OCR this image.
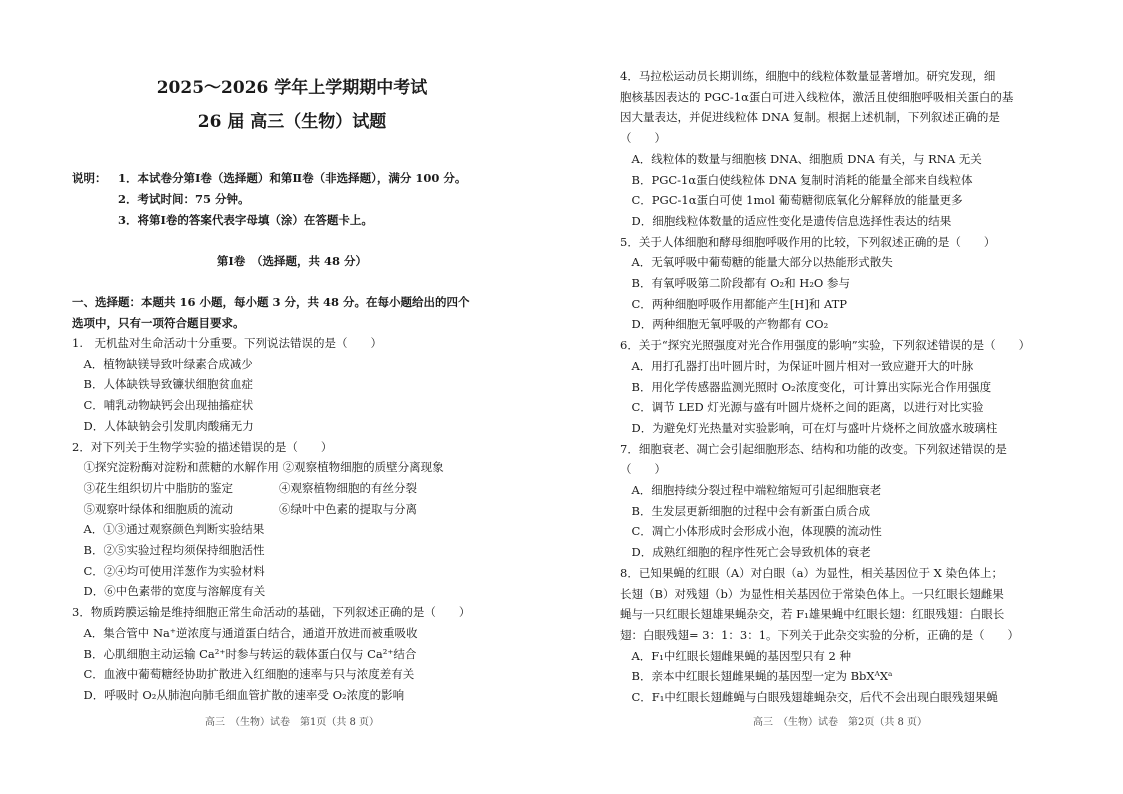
2025～2026 学年上学期期中考试
26 届 高三（生物）试题
说明： 1．本试卷分第Ⅰ卷（选择题）和第Ⅱ卷（非选择题），满分 100 分。
2．考试时间：75 分钟。
3．将第Ⅰ卷的答案代表字母填（涂）在答题卡上。
第Ⅰ卷　（选择题，共 48 分）
一、选择题：本题共 16 小题，每小题 3 分，共 48 分。在每小题给出的四个
选项中，只有一项符合题目要求。
1.　无机盐对生命活动十分重要。下列说法错误的是（　　）
　A．植物缺镁导致叶绿素合成减少
　B．人体缺铁导致镰状细胞贫血症
　C．哺乳动物缺钙会出现抽搐症状
　D．人体缺钠会引发肌肉酸痛无力
2．对下列关于生物学实验的描述错误的是（　　）
　①探究淀粉酶对淀粉和蔗糖的水解作用 ②观察植物细胞的质壁分离现象
　③花生组织切片中脂肪的鉴定　　　　④观察植物细胞的有丝分裂
　⑤观察叶绿体和细胞质的流动　　　　⑥绿叶中色素的提取与分离
　A．①③通过观察颜色判断实验结果
　B．②⑤实验过程均须保持细胞活性
　C．②④均可使用洋葱作为实验材料
　D．⑥中色素带的宽度与溶解度有关
3．物质跨膜运输是维持细胞正常生命活动的基础，下列叙述正确的是（　　）
　A．集合管中 Na⁺逆浓度与通道蛋白结合，通道开放进而被重吸收
　B．心肌细胞主动运输 Ca²⁺时参与转运的载体蛋白仅与 Ca²⁺结合
　C．血液中葡萄糖经协助扩散进入红细胞的速率与只与浓度差有关
　D．呼吸时 O₂从肺泡向肺毛细血管扩散的速率受 O₂浓度的影响
高三　（生物）试卷　第1页（共 8 页）
4．马拉松运动员长期训练，细胞中的线粒体数量显著增加。研究发现，细
胞核基因表达的 PGC-1α蛋白可进入线粒体，激活且使细胞呼吸相关蛋白的基
因大量表达，并促进线粒体 DNA 复制。根据上述机制，下列叙述正确的是
（　　）
　A．线粒体的数量与细胞核 DNA、细胞质 DNA 有关，与 RNA 无关
　B．PGC-1α蛋白使线粒体 DNA 复制时消耗的能量全部来自线粒体
　C．PGC-1α蛋白可使 1mol 葡萄糖彻底氧化分解释放的能量更多
　D．细胞线粒体数量的适应性变化是遗传信息选择性表达的结果
5．关于人体细胞和酵母细胞呼吸作用的比较，下列叙述正确的是（　　）
　A．无氧呼吸中葡萄糖的能量大部分以热能形式散失
　B．有氧呼吸第二阶段都有 O₂和 H₂O 参与
　C．两种细胞呼吸作用都能产生[H]和 ATP
　D．两种细胞无氧呼吸的产物都有 CO₂
6．关于“探究光照强度对光合作用强度的影响”实验，下列叙述错误的是（　　）
　A．用打孔器打出叶圆片时，为保证叶圆片相对一致应避开大的叶脉
　B．用化学传感器监测光照时 O₂浓度变化，可计算出实际光合作用强度
　C．调节 LED 灯光源与盛有叶圆片烧杯之间的距离，以进行对比实验
　D．为避免灯光热量对实验影响，可在灯与盛叶片烧杯之间放盛水玻璃柱
7．细胞衰老、凋亡会引起细胞形态、结构和功能的改变。下列叙述错误的是
（　　）
　A．细胞持续分裂过程中端粒缩短可引起细胞衰老
　B．生发层更新细胞的过程中会有新蛋白质合成
　C．凋亡小体形成时会形成小泡，体现膜的流动性
　D．成熟红细胞的程序性死亡会导致机体的衰老
8．已知果蝇的红眼（A）对白眼（a）为显性，相关基因位于 X 染色体上；
长翅（B）对残翅（b）为显性相关基因位于常染色体上。一只红眼长翅雌果
蝇与一只红眼长翅雄果蝇杂交，若 F₁雄果蝇中红眼长翅：红眼残翅：白眼长
翅：白眼残翅= 3：1：3：1。下列关于此杂交实验的分析，正确的是（　　）
　A．F₁中红眼长翅雌果蝇的基因型只有 2 种
　B．亲本中红眼长翅雌果蝇的基因型一定为 BbXᴬXᵃ
　C．F₁中红眼长翅雌蝇与白眼残翅雄蝇杂交，后代不会出现白眼残翅果蝇
高三　（生物）试卷　第2页（共 8 页）
